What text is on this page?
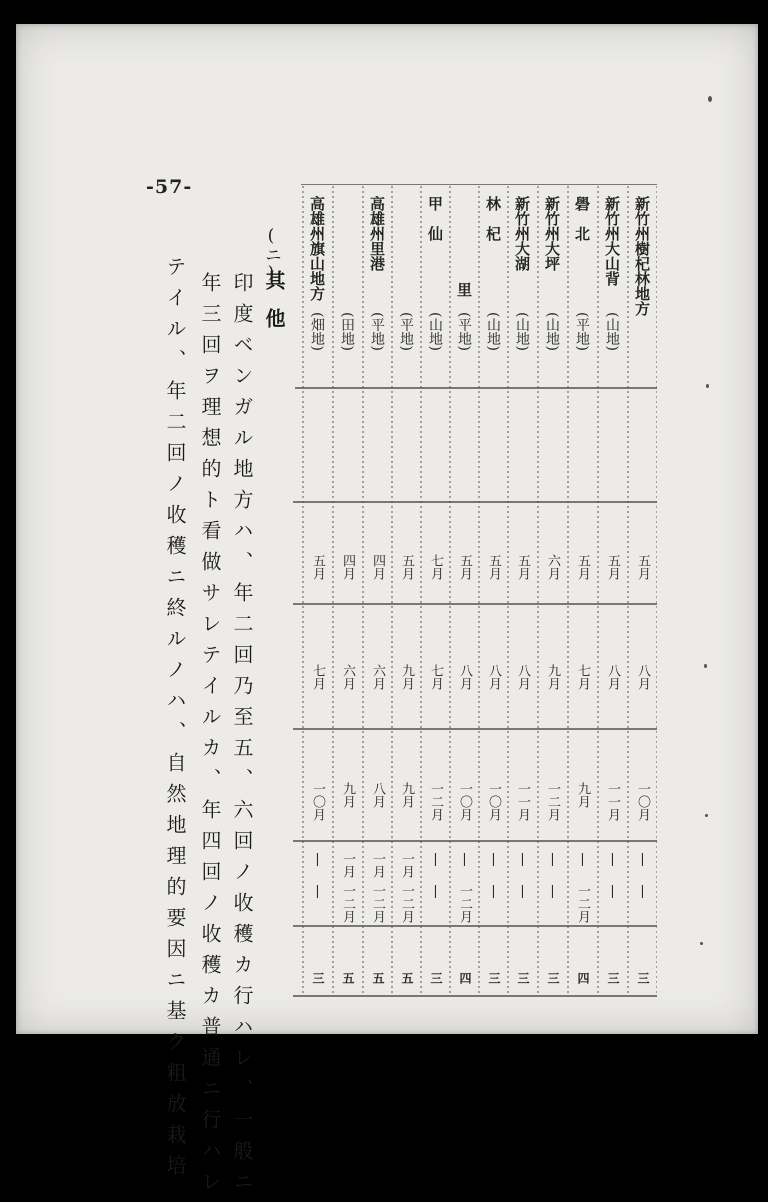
-57-
(ニ)
其他
印度ベンガル地方ハ、年二回乃至五、六回ノ收穫カ行ハレ、一般ニ
年三回ヲ理想的ト看做サレテイルカ、年四回ノ收穫カ普通ニ行ハレ
テイル、年二回ノ收穫ニ終ルノハ、自然地理的要因ニ基ク粗放栽培	新竹州樹杞林地方
五月
八月
一〇月
|
|
三
新竹州大山背
(山地)
五月
八月
一一月
|
|
三
礐　北
(平地)
五月
七月
九月
一二月
|
四
新竹州大坪
(山地)
六月
九月
一二月
|
|
三
新竹州大湖
(山地)
五月
八月
一一月
|
|
三
林　杞
(山地)
五月
八月
一〇月
|
|
三
里
(平地)
五月
八月
一〇月
一二月
|
四
甲　仙
(山地)
七月
七月
一二月
|
|
三
(平地)
五月
九月
九月
一二月
一月
五
高雄州里港
(平地)
四月
六月
八月
一二月
一月
五
(田地)
四月
六月
九月
一二月
一月
五
高雄州旗山地方
(畑地)
五月
七月
一〇月
|
|
三
